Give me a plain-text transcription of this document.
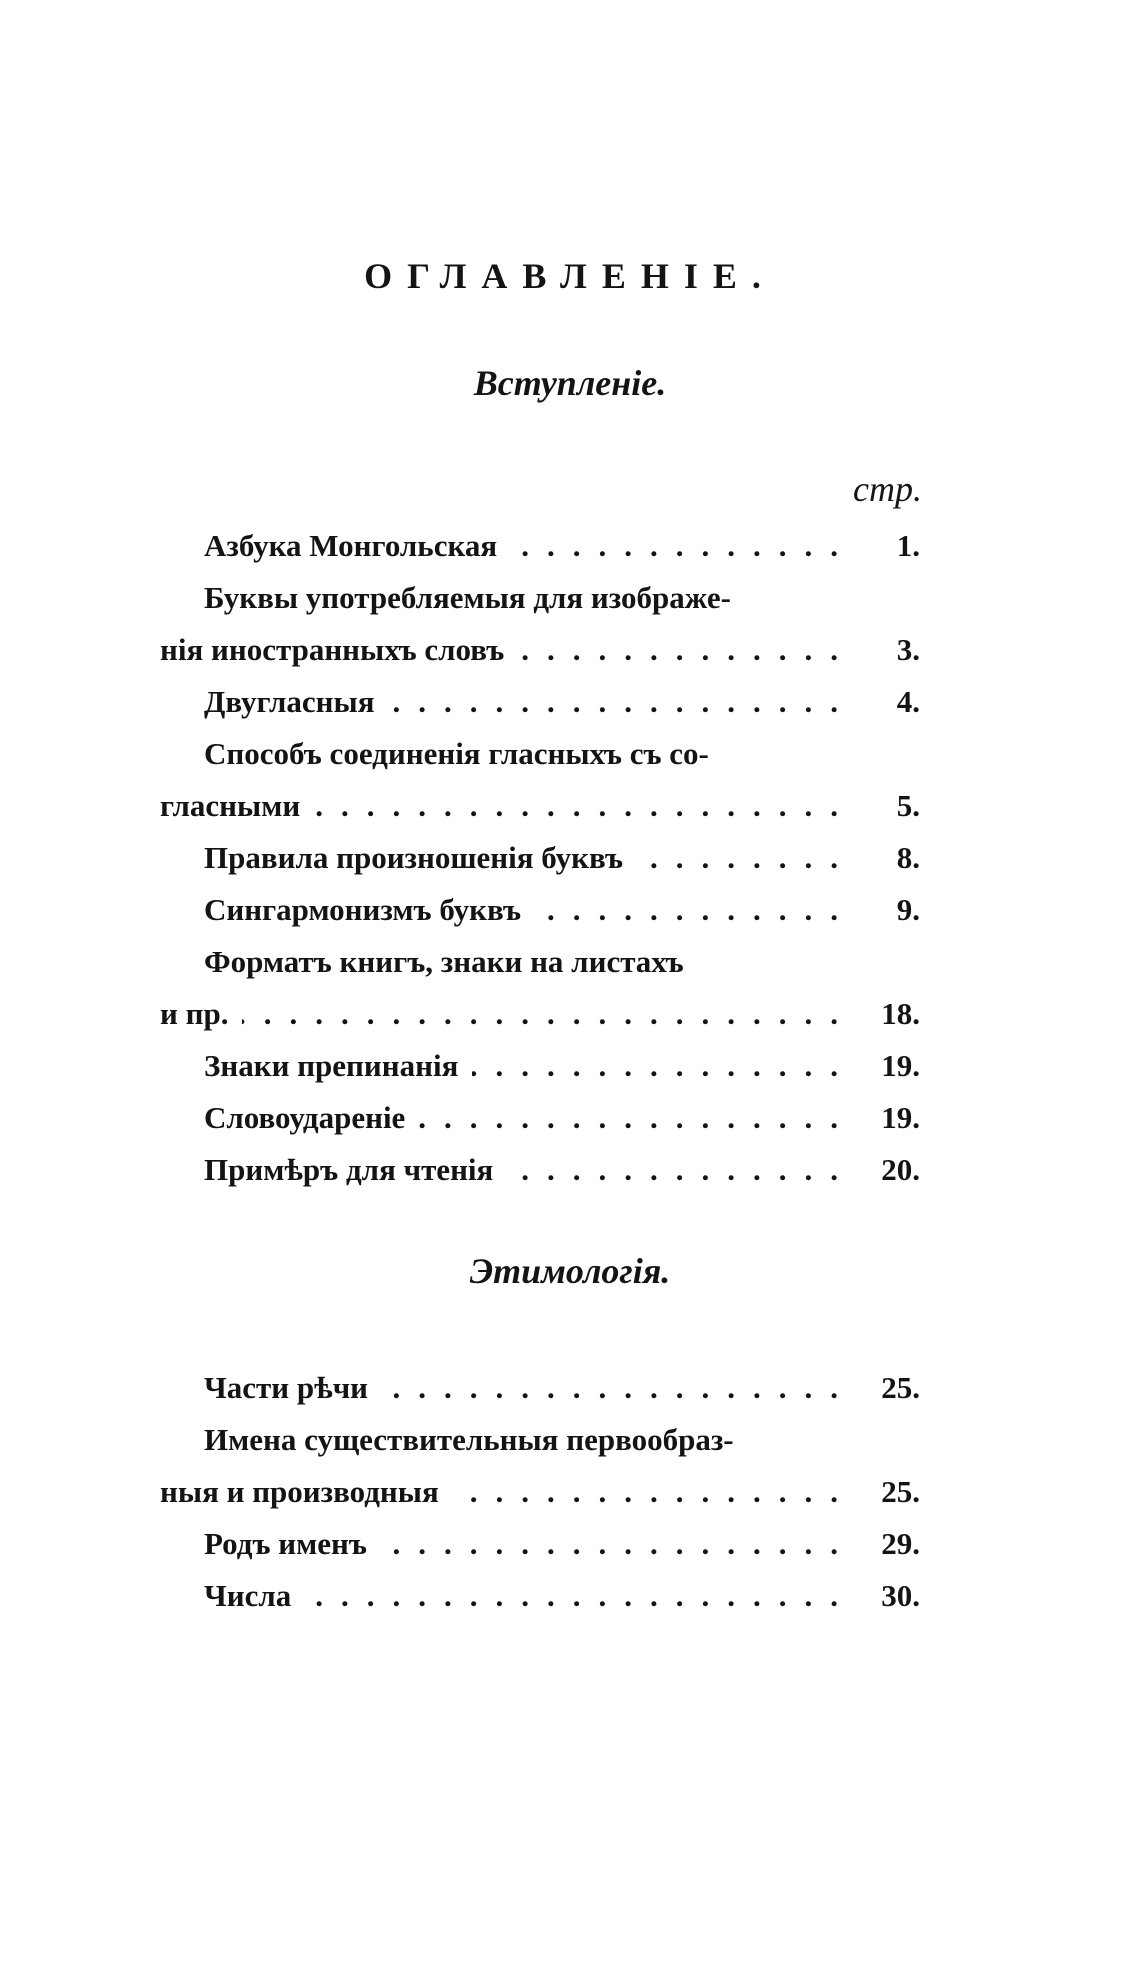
ОГЛАВЛЕНІЕ.
Вступленіе.
стр.
Азбука Монгольская .....	1.
Буквы употребляемыя для изображе-
нія иностранныхъ словъ .....	3.
Двугласныя .....	4.
Способъ соединенія гласныхъ съ со-
гласными .....	5.
Правила произношенія буквъ .....	8.
Сингармонизмъ буквъ .....	9.
Форматъ книгъ, знаки на листахъ
и пр. .....	18.
Знаки препинанія .....	19.
Словоудареніе .....	19.
Примѣръ для чтенія .....	20.
Этимологія.
Части рѣчи .....	25.
Имена существительныя первообраз-
ныя и производныя .....	25.
Родъ именъ .....	29.
Числа .....	30.
